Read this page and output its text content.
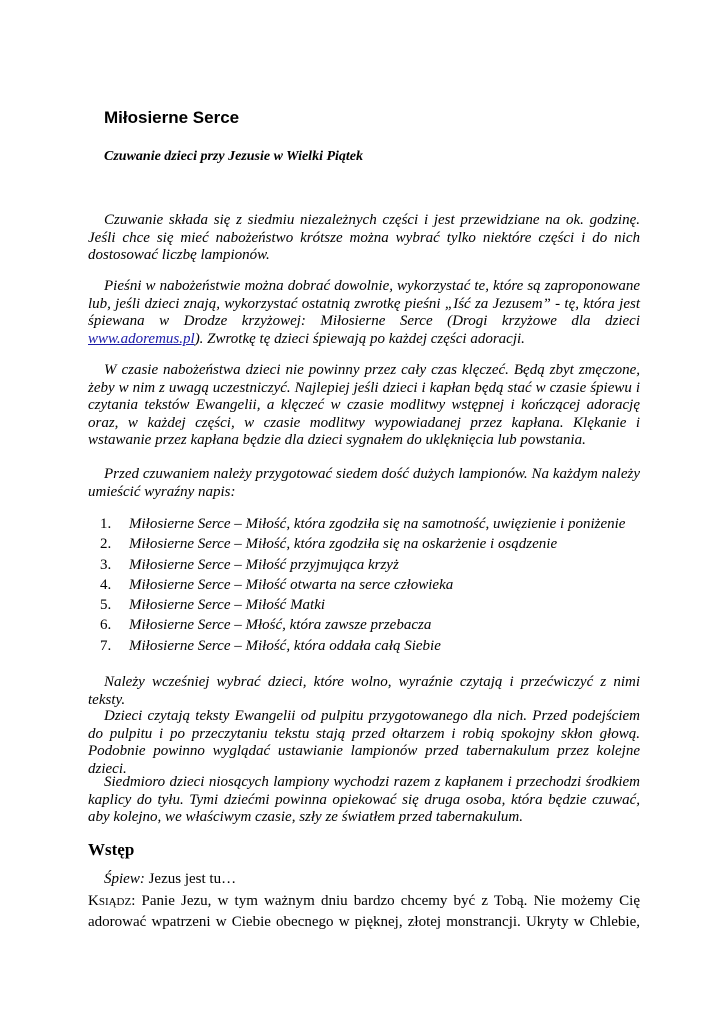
Miłosierne Serce

Czuwanie dzieci przy Jezusie w Wielki Piątek

Czuwanie składa się z siedmiu niezależnych części i jest przewidziane na ok. godzinę. Jeśli chce się mieć nabożeństwo krótsze można wybrać tylko niektóre części i do nich dostosować liczbę lampionów.

Pieśni w nabożeństwie można dobrać dowolnie, wykorzystać te, które są zaproponowane lub, jeśli dzieci znają, wykorzystać ostatnią zwrotkę pieśni „Iść za Jezusem” - tę, która jest śpiewana w Drodze krzyżowej: Miłosierne Serce (Drogi krzyżowe dla dzieci www.adoremus.pl). Zwrotkę tę dzieci śpiewają po każdej części adoracji.

W czasie nabożeństwa dzieci nie powinny przez cały czas klęczeć. Będą zbyt zmęczone, żeby w nim z uwagą uczestniczyć. Najlepiej jeśli dzieci i kapłan będą stać w czasie śpiewu i czytania tekstów Ewangelii, a klęczeć w czasie modlitwy wstępnej i kończącej adorację oraz, w każdej części, w czasie modlitwy wypowiadanej przez kapłana. Klękanie i wstawanie przez kapłana będzie dla dzieci sygnałem do uklęknięcia lub powstania.

Przed czuwaniem należy przygotować siedem dość dużych lampionów. Na każdym należy umieścić wyraźny napis:

1. Miłosierne Serce – Miłość, która zgodziła się na samotność, uwięzienie i poniżenie
2. Miłosierne Serce – Miłość, która zgodziła się na oskarżenie i osądzenie
3. Miłosierne Serce – Miłość przyjmująca krzyż
4. Miłosierne Serce – Miłość otwarta na serce człowieka
5. Miłosierne Serce – Miłość Matki
6. Miłosierne Serce – Młość, która zawsze przebacza
7. Miłosierne Serce – Miłość, która oddała całą Siebie

Należy wcześniej wybrać dzieci, które wolno, wyraźnie czytają i przećwiczyć z nimi teksty.

Dzieci czytają teksty Ewangelii od pulpitu przygotowanego dla nich. Przed podejściem do pulpitu i po przeczytaniu tekstu stają przed ołtarzem i robią spokojny skłon głową. Podobnie powinno wyglądać ustawianie lampionów przed tabernakulum przez kolejne dzieci.

Siedmioro dzieci niosących lampiony wychodzi razem z kapłanem i przechodzi środkiem kaplicy do tyłu. Tymi dziećmi powinna opiekować się druga osoba, która będzie czuwać, aby kolejno, we właściwym czasie, szły ze światłem przed tabernakulum.

Wstęp

Śpiew: Jezus jest tu…

Ksiądz: Panie Jezu, w tym ważnym dniu bardzo chcemy być z Tobą. Nie możemy Cię adorować wpatrzeni w Ciebie obecnego w pięknej, złotej monstrancji. Ukryty w Chlebie,
